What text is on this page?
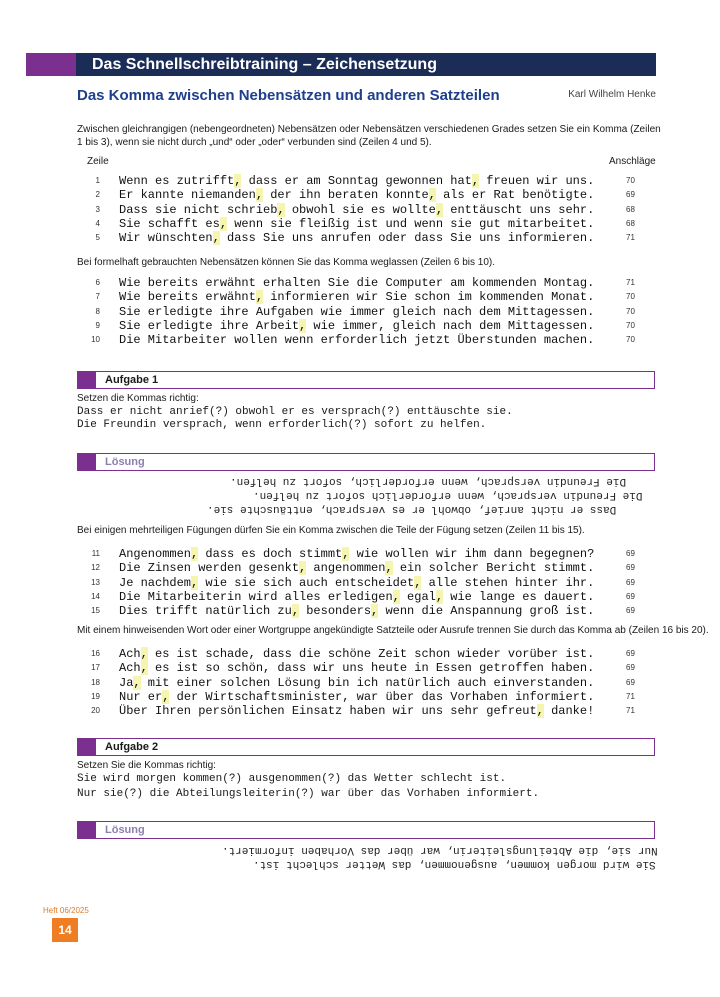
Das Schnellschreibtraining – Zeichensetzung
Das Komma zwischen Nebensätzen und anderen Satzteilen	Karl Wilhelm Henke
Zwischen gleichrangigen (nebengeordneten) Nebensätzen oder Nebensätzen verschiedenen Grades setzen Sie ein Komma (Zeilen 1 bis 3), wenn sie nicht durch „und“ oder „oder“ verbunden sind (Zeilen 4 und 5).
Zeile	Anschläge
1 Wenn es zutrifft, dass er am Sonntag gewonnen hat, freuen wir uns.	70
2 Er kannte niemanden, der ihn beraten konnte, als er Rat benötigte.	69
3 Dass sie nicht schrieb, obwohl sie es wollte, enttäuscht uns sehr.	68
4 Sie schafft es, wenn sie fleißig ist und wenn sie gut mitarbeitet.	68
5 Wir wünschten, dass Sie uns anrufen oder dass Sie uns informieren.	71
Bei formelhaft gebrauchten Nebensätzen können Sie das Komma weglassen (Zeilen 6 bis 10).
6 Wie bereits erwähnt erhalten Sie die Computer am kommenden Montag.	71
7 Wie bereits erwähnt, informieren wir Sie schon im kommenden Monat.	70
8 Sie erledigte ihre Aufgaben wie immer gleich nach dem Mittagessen.	70
9 Sie erledigte ihre Arbeit, wie immer, gleich nach dem Mittagessen.	70
10 Die Mitarbeiter wollen wenn erforderlich jetzt Überstunden machen.	70
Aufgabe 1
Setzen die Kommas richtig:
Dass er nicht anrief(?) obwohl er es versprach(?) enttäuschte sie.
Die Freundin versprach, wenn erforderlich(?) sofort zu helfen.
Lösung
Die Freundin versprach, wenn erforderlich, sofort zu helfen.
Die Freundin versprach, wenn erforderlich sofort zu helfen.
Dass er nicht anrief, obwohl er es versprach, enttäuschte sie.
Bei einigen mehrteiligen Fügungen dürfen Sie ein Komma zwischen die Teile der Fügung setzen (Zeilen 11 bis 15).
11 Angenommen, dass es doch stimmt, wie wollen wir ihm dann begegnen?	69
12 Die Zinsen werden gesenkt, angenommen, ein solcher Bericht stimmt.	69
13 Je nachdem, wie sie sich auch entscheidet, alle stehen hinter ihr.	69
14 Die Mitarbeiterin wird alles erledigen, egal, wie lange es dauert.	69
15 Dies trifft natürlich zu, besonders, wenn die Anspannung groß ist.	69
Mit einem hinweisenden Wort oder einer Wortgruppe angekündigte Satzteile oder Ausrufe trennen Sie durch das Komma ab (Zeilen 16 bis 20).
16 Ach, es ist schade, dass die schöne Zeit schon wieder vorüber ist.	69
17 Ach, es ist so schön, dass wir uns heute in Essen getroffen haben.	69
18 Ja, mit einer solchen Lösung bin ich natürlich auch einverstanden.	69
19 Nur er, der Wirtschaftsminister, war über das Vorhaben informiert.	71
20 Über Ihren persönlichen Einsatz haben wir uns sehr gefreut, danke!	71
Aufgabe 2
Setzen Sie die Kommas richtig:
Sie wird morgen kommen(?) ausgenommen(?) das Wetter schlecht ist.
Nur sie(?) die Abteilungsleiterin(?) war über das Vorhaben informiert.
Lösung
Nur sie, die Abteilungsleiterin, war über das Vorhaben informiert.
Sie wird morgen kommen, ausgenommen, das Wetter schlecht ist.
Heft 06/2025
14
